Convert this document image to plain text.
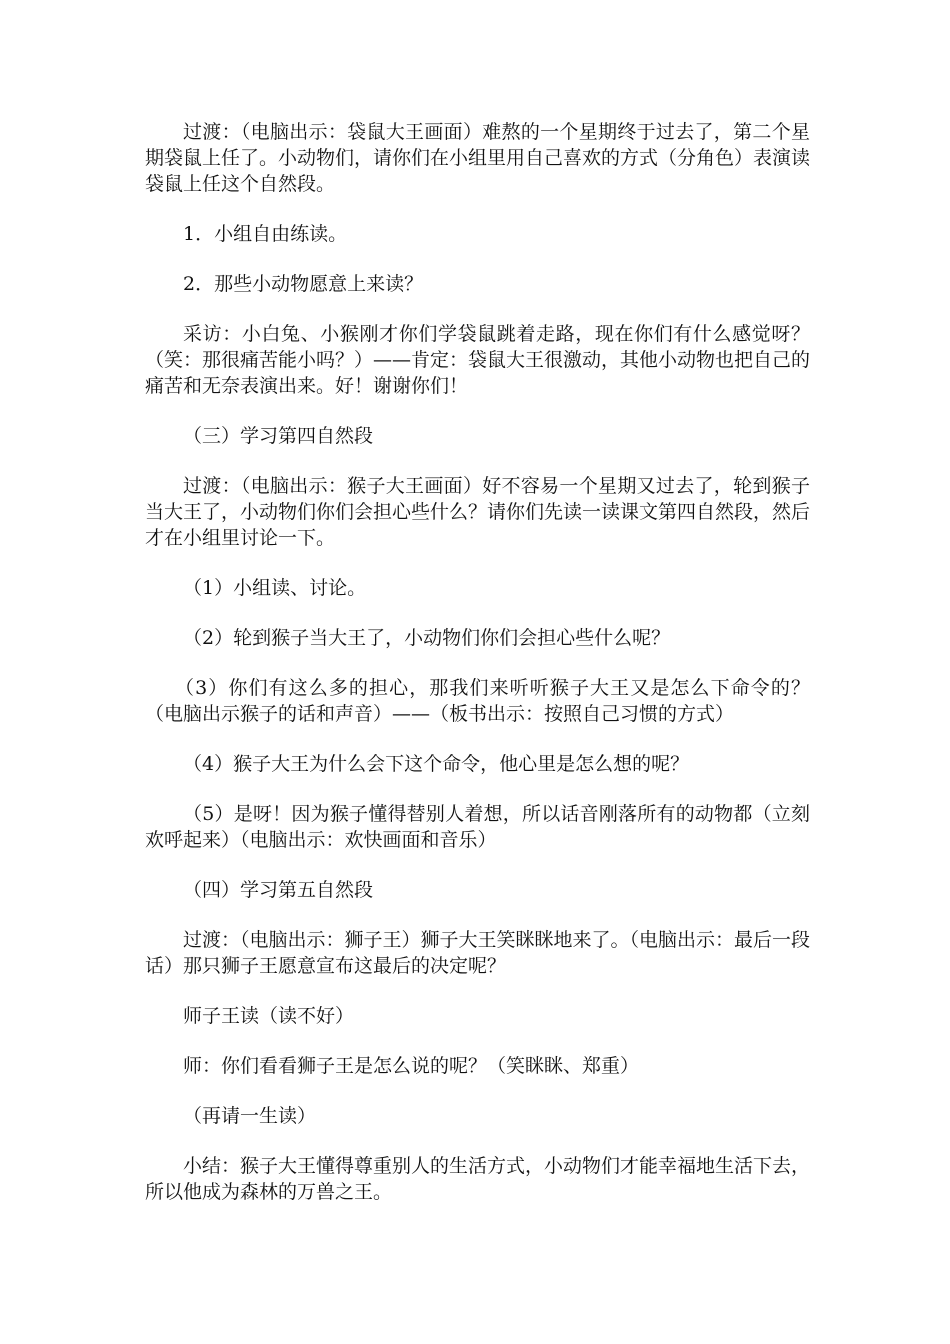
过渡：（电脑出示：袋鼠大王画面）难熬的一个星期终于过去了，第二个星期袋鼠上任了。小动物们，请你们在小组里用自己喜欢的方式（分角色）表演读袋鼠上任这个自然段。

1．小组自由练读。

2．那些小动物愿意上来读？

采访：小白兔、小猴刚才你们学袋鼠跳着走路，现在你们有什么感觉呀？（笑：那很痛苦能小吗？）——肯定：袋鼠大王很激动，其他小动物也把自己的痛苦和无奈表演出来。好！谢谢你们！

（三）学习第四自然段

过渡：（电脑出示：猴子大王画面）好不容易一个星期又过去了，轮到猴子当大王了，小动物们你们会担心些什么？请你们先读一读课文第四自然段，然后才在小组里讨论一下。

（1）小组读、讨论。

（2）轮到猴子当大王了，小动物们你们会担心些什么呢？

（3）你们有这么多的担心，那我们来听听猴子大王又是怎么下命令的？（电脑出示猴子的话和声音）——（板书出示：按照自己习惯的方式）

（4）猴子大王为什么会下这个命令，他心里是怎么想的呢？

（5）是呀！因为猴子懂得替别人着想，所以话音刚落所有的动物都（立刻欢呼起来）（电脑出示：欢快画面和音乐）

（四）学习第五自然段

过渡：（电脑出示：狮子王）狮子大王笑眯眯地来了。（电脑出示：最后一段话）那只狮子王愿意宣布这最后的决定呢？

师子王读（读不好）

师：你们看看狮子王是怎么说的呢？（笑眯眯、郑重）

（再请一生读）

小结：猴子大王懂得尊重别人的生活方式，小动物们才能幸福地生活下去，所以他成为森林的万兽之王。
